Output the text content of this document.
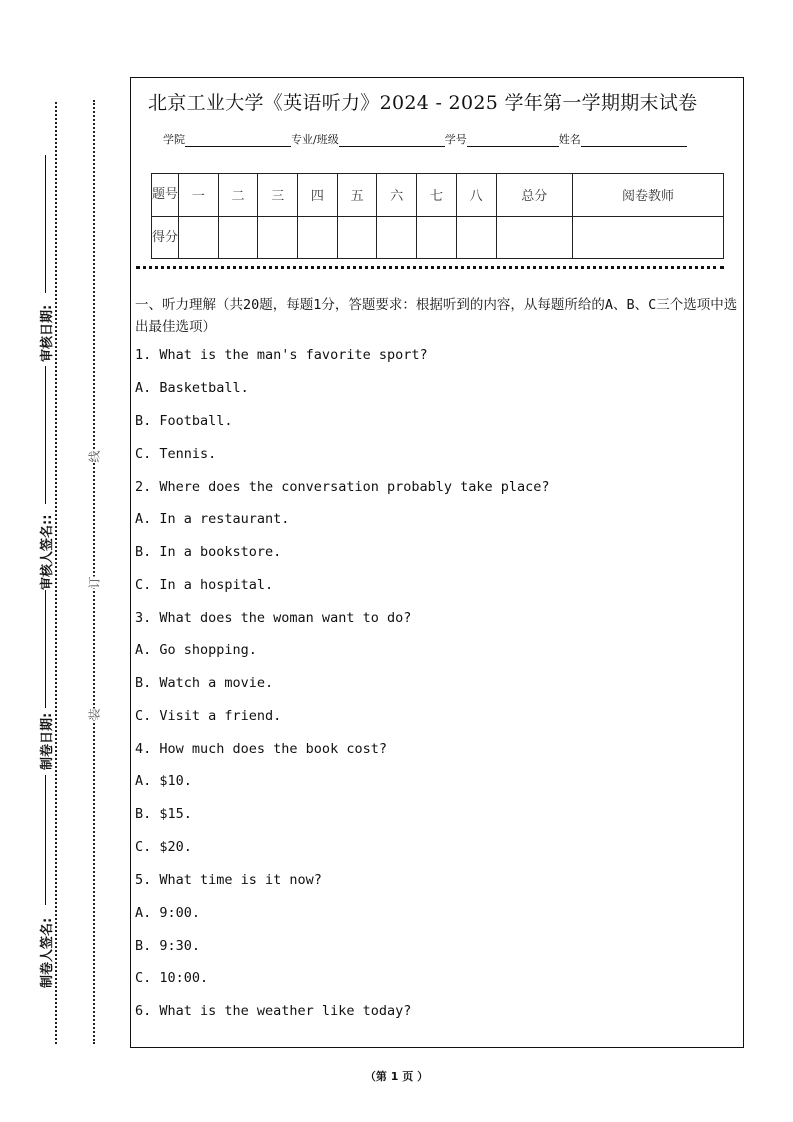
审核日期:
审核人签名::
制卷日期:
制卷人签名:
线
订
装
北京工业大学《英语听力》2024 - 2025 学年第一学期期末试卷
学院	专业/班级	学号	姓名
题号	一	二	三	四	五	六	七	八	总分	阅卷教师
得分										
一、听力理解（共20题，每题1分，答题要求：根据听到的内容，从每题所给的A、B、C三个选项中选出最佳选项）
1. What is the man's favorite sport?
A. Basketball.
B. Football.
C. Tennis.
2. Where does the conversation probably take place?
A. In a restaurant.
B. In a bookstore.
C. In a hospital.
3. What does the woman want to do?
A. Go shopping.
B. Watch a movie.
C. Visit a friend.
4. How much does the book cost?
A. $10.
B. $15.
C. $20.
5. What time is it now?
A. 9:00.
B. 9:30.
C. 10:00.
6. What is the weather like today?
（第 1 页 ）
